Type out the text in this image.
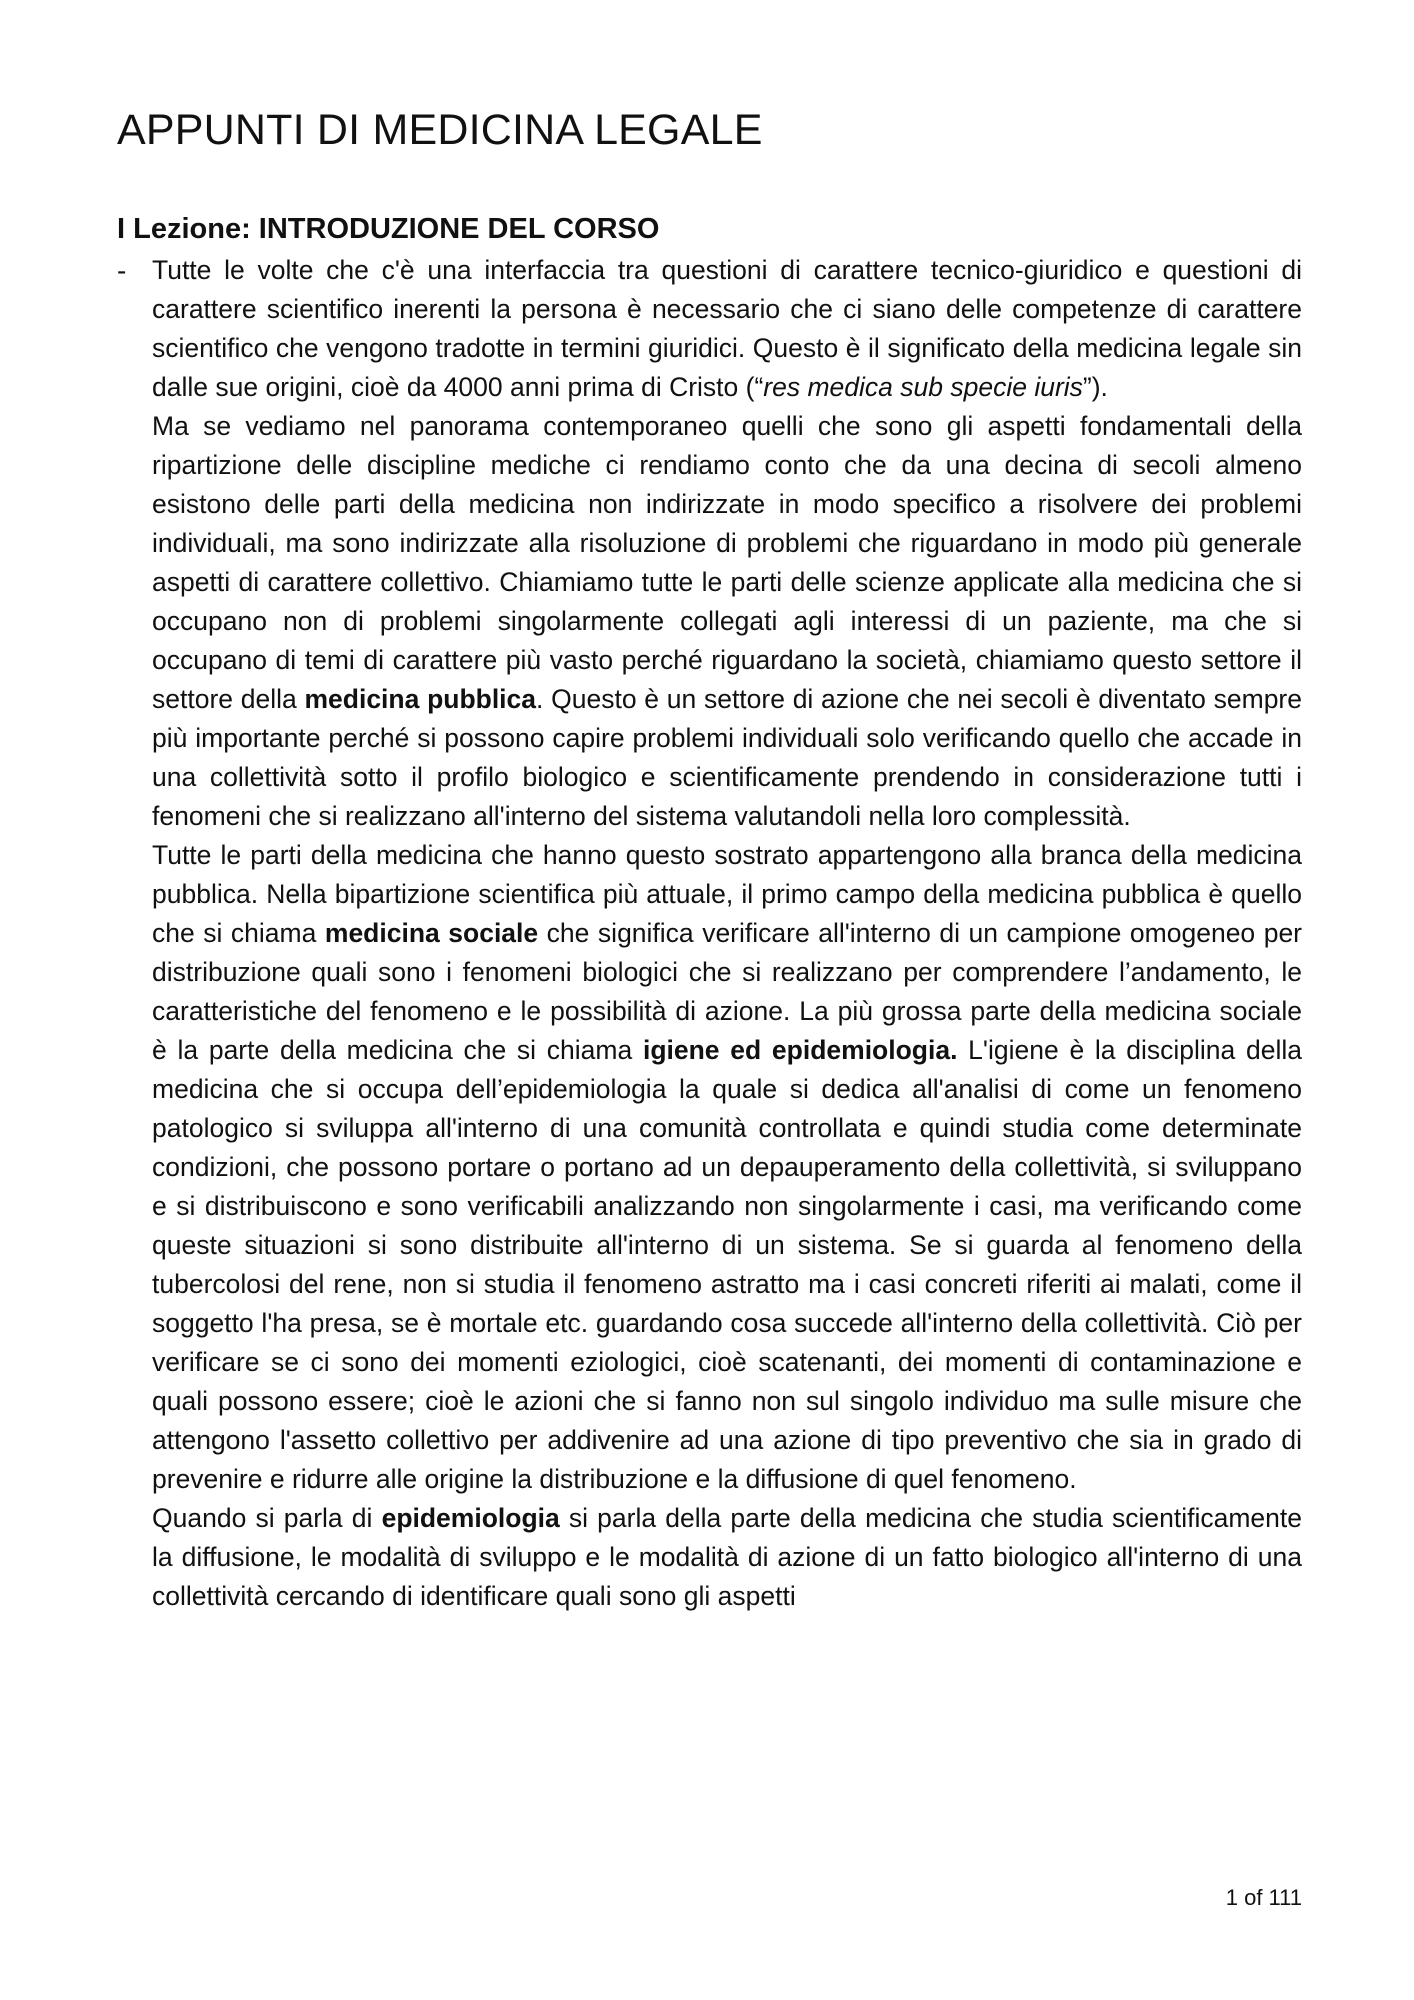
APPUNTI DI MEDICINA LEGALE
I Lezione: INTRODUZIONE DEL CORSO
- Tutte le volte che c'è una interfaccia tra questioni di carattere tecnico-giuridico e questioni di carattere scientifico inerenti la persona è necessario che ci siano delle competenze di carattere scientifico che vengono tradotte in termini giuridici. Questo è il significato della medicina legale sin dalle sue origini, cioè da 4000 anni prima di Cristo (“res medica sub specie iuris”).

Ma se vediamo nel panorama contemporaneo quelli che sono gli aspetti fondamentali della ripartizione delle discipline mediche ci rendiamo conto che da una decina di secoli almeno esistono delle parti della medicina non indirizzate in modo specifico a risolvere dei problemi individuali, ma sono indirizzate alla risoluzione di problemi che riguardano in modo più generale aspetti di carattere collettivo. Chiamiamo tutte le parti delle scienze applicate alla medicina che si occupano non di problemi singolarmente collegati agli interessi di un paziente, ma che si occupano di temi di carattere più vasto perché riguardano la società, chiamiamo questo settore il settore della medicina pubblica. Questo è un settore di azione che nei secoli è diventato sempre più importante perché si possono capire problemi individuali solo verificando quello che accade in una collettività sotto il profilo biologico e scientificamente prendendo in considerazione tutti i fenomeni che si realizzano all'interno del sistema valutandoli nella loro complessità.

Tutte le parti della medicina che hanno questo sostrato appartengono alla branca della medicina pubblica. Nella bipartizione scientifica più attuale, il primo campo della medicina pubblica è quello che si chiama medicina sociale che significa verificare all'interno di un campione omogeneo per distribuzione quali sono i fenomeni biologici che si realizzano per comprendere l’andamento, le caratteristiche del fenomeno e le possibilità di azione. La più grossa parte della medicina sociale è la parte della medicina che si chiama igiene ed epidemiologia. L'igiene è la disciplina della medicina che si occupa dell’epidemiologia la quale si dedica all'analisi di come un fenomeno patologico si sviluppa all'interno di una comunità controllata e quindi studia come determinate condizioni, che possono portare o portano ad un depauperamento della collettività, si sviluppano e si distribuiscono e sono verificabili analizzando non singolarmente i casi, ma verificando come queste situazioni si sono distribuite all'interno di un sistema. Se si guarda al fenomeno della tubercolosi del rene, non si studia il fenomeno astratto ma i casi concreti riferiti ai malati, come il soggetto l'ha presa, se è mortale etc. guardando cosa succede all'interno della collettività. Ciò per verificare se ci sono dei momenti eziologici, cioè scatenanti, dei momenti di contaminazione e quali possono essere; cioè le azioni che si fanno non sul singolo individuo ma sulle misure che attengono l'assetto collettivo per addivenire ad una azione di tipo preventivo che sia in grado di prevenire e ridurre alle origine la distribuzione e la diffusione di quel fenomeno.

Quando si parla di epidemiologia si parla della parte della medicina che studia scientificamente la diffusione, le modalità di sviluppo e le modalità di azione di un fatto biologico all'interno di una collettività cercando di identificare quali sono gli aspetti

1 of 111
